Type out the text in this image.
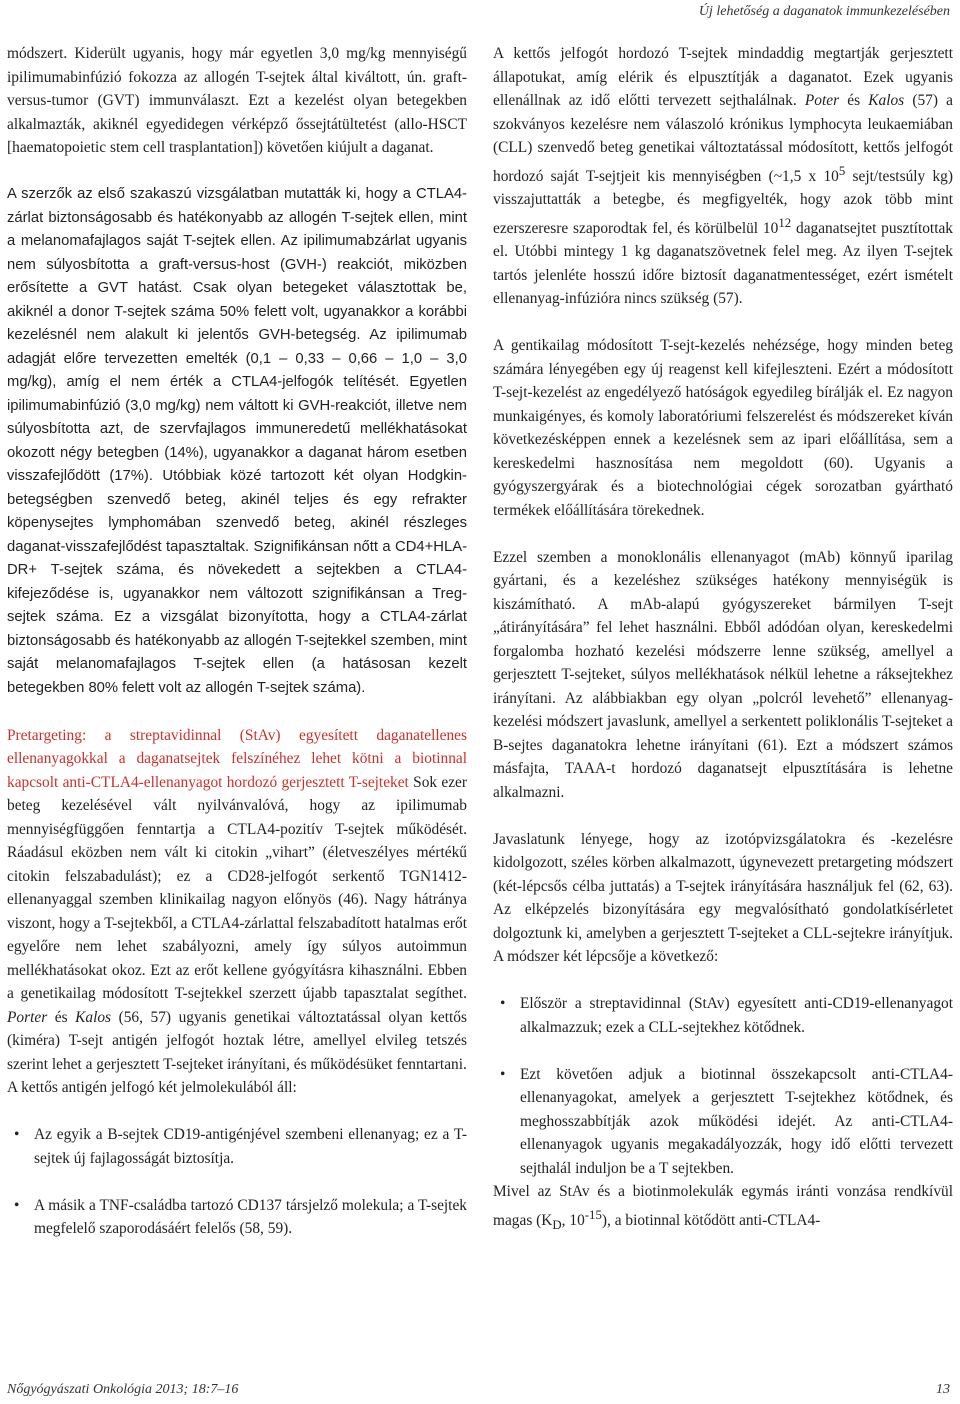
Új lehetőség a daganatok immunkezelésében

módszert. Kiderült ugyanis, hogy már egyetlen 3,0 mg/kg mennyiségű ipilimumabinfúzió fokozza az allogén T-sejtek által kiváltott, ún. graft-versus-tumor (GVT) immunválaszt. Ezt a kezelést olyan betegekben alkalmazták, akiknél egyedidegen vérképző őssejtátültetést (allo-HSCT [haematopoietic stem cell trasplantation]) követően kiújult a daganat.

A szerzők az első szakaszú vizsgálatban mutatták ki, hogy a CTLA4-zárlat biztonságosabb és hatékonyabb az allogén T-sejtek ellen, mint a melanomafajlagos saját T-sejtek ellen. Az ipilimumabzárlat ugyanis nem súlyosbította a graft-versus-host (GVH-) reakciót, miközben erősítette a GVT hatást. Csak olyan betegeket választottak be, akiknél a donor T-sejtek száma 50% felett volt, ugyanakkor a korábbi kezelésnél nem alakult ki jelentős GVH-betegség. Az ipilimumab adagját előre tervezetten emelték (0,1 – 0,33 – 0,66 – 1,0 – 3,0 mg/kg), amíg el nem érték a CTLA4-jelfogók telítését. Egyetlen ipilimumabinfúzió (3,0 mg/kg) nem váltott ki GVH-reakciót, illetve nem súlyosbította azt, de szervfajlagos immuneredetű mellékhatásokat okozott négy betegben (14%), ugyanakkor a daganat három esetben visszafejlődött (17%). Utóbbiak közé tartozott két olyan Hodgkin-betegségben szenvedő beteg, akinél teljes és egy refrakter köpenysejtes lymphomában szenvedő beteg, akinél részleges daganat-visszafejlődést tapasztaltak. Szignifikánsan nőtt a CD4+HLA-DR+ T-sejtek száma, és növekedett a sejtekben a CTLA4-kifejeződése is, ugyanakkor nem változott szignifikánsan a Treg-sejtek száma. Ez a vizsgálat bizonyította, hogy a CTLA4-zárlat biztonságosabb és hatékonyabb az allogén T-sejtekkel szemben, mint saját melanomafajlagos T-sejtek ellen (a hatásosan kezelt betegekben 80% felett volt az allogén T-sejtek száma).

Pretargeting: a streptavidinnal (StAv) egyesített daganatellenes ellenanyagokkal a daganatsejtek felszínéhez lehet kötni a biotinnal kapcsolt anti-CTLA4-ellenanyagot hordozó gerjesztett T-sejteket Sok ezer beteg kezelésével vált nyilvánvalóvá, hogy az ipilimumab mennyiségfüggően fenntartja a CTLA4-pozitív T-sejtek működését. Ráadásul eközben nem vált ki citokin „vihart” (életveszélyes mértékű citokin felszabadulást); ez a CD28-jelfogót serkentő TGN1412-ellenanyaggal szemben klinikailag nagyon előnyös (46). Nagy hátránya viszont, hogy a T-sejtekből, a CTLA4-zárlattal felszabadított hatalmas erőt egyelőre nem lehet szabályozni, amely így súlyos autoimmun mellékhatásokat okoz. Ezt az erőt kellene gyógyításra kihasználni. Ebben a genetikailag módosított T-sejtekkel szerzett újabb tapasztalat segíthet. Porter és Kalos (56, 57) ugyanis genetikai változtatással olyan kettős (kiméra) T-sejt antigén jelfogót hoztak létre, amellyel elvileg tetszés szerint lehet a gerjesztett T-sejteket irányítani, és működésüket fenntartani.

A kettős antigén jelfogó két jelmolekulából áll:

• Az egyik a B-sejtek CD19-antigénjével szembeni ellenanyag; ez a T-sejtek új fajlagosságát biztosítja.
• A másik a TNF-családba tartozó CD137 társjelző molekula; a T-sejtek megfelelő szaporodásáért felelős (58, 59).

A kettős jelfogót hordozó T-sejtek mindaddig megtartják gerjesztett állapotukat, amíg elérik és elpusztítják a daganatot. Ezek ugyanis ellenállnak az idő előtti tervezett sejthalálnak. Poter és Kalos (57) a szokványos kezelésre nem válaszoló krónikus lymphocyta leukaemiában (CLL) szenvedő beteg genetikai változtatással módosított, kettős jelfogót hordozó saját T-sejtjeit kis mennyiségben (~1,5 x $10^5$ sejt/testsúly kg) visszajuttatták a betegbe, és megfigyelték, hogy azok több mint ezerszeresre szaporodtak fel, és körülbelül $10^{12}$ daganatsejtet pusztítottak el. Utóbbi mintegy 1 kg daganatszövetnek felel meg. Az ilyen T-sejtek tartós jelenléte hosszú időre biztosít daganatmentességet, ezért ismételt ellenanyag-infúzióra nincs szükség (57).

A gentikailag módosított T-sejt-kezelés nehézsége, hogy minden beteg számára lényegében egy új reagenst kell kifejleszteni. Ezért a módosított T-sejt-kezelést az engedélyező hatóságok egyedileg bírálják el. Ez nagyon munkaigényes, és komoly laboratóriumi felszerelést és módszereket kíván következésképpen ennek a kezelésnek sem az ipari előállítása, sem a kereskedelmi hasznosítása nem megoldott (60). Ugyanis a gyógyszergyárak és a biotechnológiai cégek sorozatban gyártható termékek előállítására törekednek.

Ezzel szemben a monoklonális ellenanyagot (mAb) könnyű iparilag gyártani, és a kezeléshez szükséges hatékony mennyiségük is kiszámítható. A mAb-alapú gyógyszereket bármilyen T-sejt „átirányítására” fel lehet használni. Ebből adódóan olyan, kereskedelmi forgalomba hozható kezelési módszerre lenne szükség, amellyel a gerjesztett T-sejteket, súlyos mellékhatások nélkül lehetne a ráksejtekhez irányítani. Az alábbiakban egy olyan „polcról levehető” ellenanyag-kezelési módszert javaslunk, amellyel a serkentett poliklonális T-sejteket a B-sejtes daganatokra lehetne irányítani (61). Ezt a módszert számos másfajta, TAAA-t hordozó daganatsejt elpusztítására is lehetne alkalmazni.

Javaslatunk lényege, hogy az izotópvizsgálatokra és -kezelésre kidolgozott, széles körben alkalmazott, úgynevezett pretargeting módszert (két-lépcsős célba juttatás) a T-sejtek irányítására használjuk fel (62, 63). Az elképzelés bizonyítására egy megvalósítható gondolatkísérletet dolgoztunk ki, amelyben a gerjesztett T-sejteket a CLL-sejtekre irányítjuk. A módszer két lépcsője a következő:

• Először a streptavidinnal (StAv) egyesített anti-CD19-ellenanyagot alkalmazzuk; ezek a CLL-sejtekhez kötődnek.
• Ezt követően adjuk a biotinnal összekapcsolt anti-CTLA4-ellenanyagokat, amelyek a gerjesztett T-sejtekhez kötődnek, és meghosszabbítják azok működési idejét. Az anti-CTLA4-ellenanyagok ugyanis megakadályozzák, hogy idő előtti tervezett sejthalál induljon be a T sejtekben.

Mivel az StAv és a biotinmolekulák egymás iránti vonzása rendkívül magas ($K_D$, $10^{-15}$), a biotinnal kötődött anti-CTLA4-

Nőgyógyászati Onkológia 2013; 18:7–16	13
